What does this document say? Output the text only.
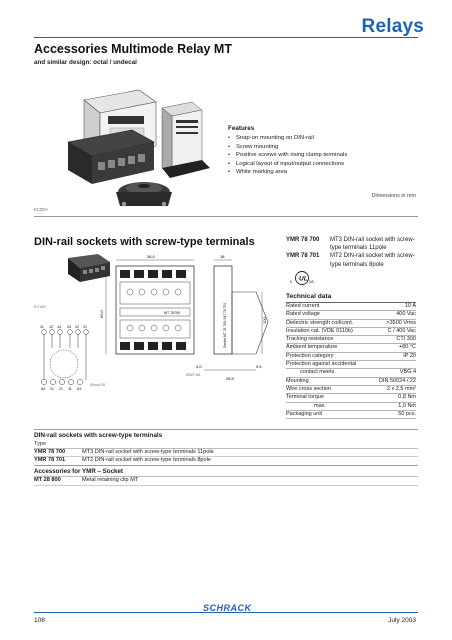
Relays
Accessories Multimode Relay MT
and similar design: octal / undecal
KC02H
Features
• Snap-on mounting on DIN-rail
• Screw mounting
• Positive screws with rising clamp terminals
• Logical layout of input/output connections
• White marking area
Dimensions in mm
DIN-rail sockets with screw-type terminals	YMR 78 700	MT3 DIN-rail socket with screw-type terminals 11pole
YMR 78 701	MT2 DIN-rail socket with screw-type terminals 8pole
UL
c	us
KY10H
11 12 14 24 22 21
A2 31 21 11 A1
Shock 00
36,0
60,0	MT 78700
EB2T-6A
18
Socket MT 78 700 / MT 78 701	100
28,9
4,0	9,5
Technical data
Rated current	10 A
Rated voltage	400 Vac
Dielectric strength coil/cont.	>3500 Vrms
Insulation cat. (VDE 0110b)	C / 400 Vac
Tracking resistance	CTI 300
Ambient temperature	+80 °C
Protection category	IP 20
Protection against accidental	
contact meets	VBG 4
Mounting	DIN 50024 / 22
Wire cross section	2 x 2,5 mm²
Terminal torque	0,8 Nm
max.	1,0 Nm
Packaging unit	50 pcs.
DIN-rail sockets with screw-type terminals
Type
YMR 78 700	MT3 DIN-rail socket with screw-type terminals 11pole
YMR 78 701	MT2 DIN-rail socket with screw-type terminals 8pole
Accessories for YMR – Socket
MT 28 800	Metal retaining clip MT
SCHRACK
108	July 2003
